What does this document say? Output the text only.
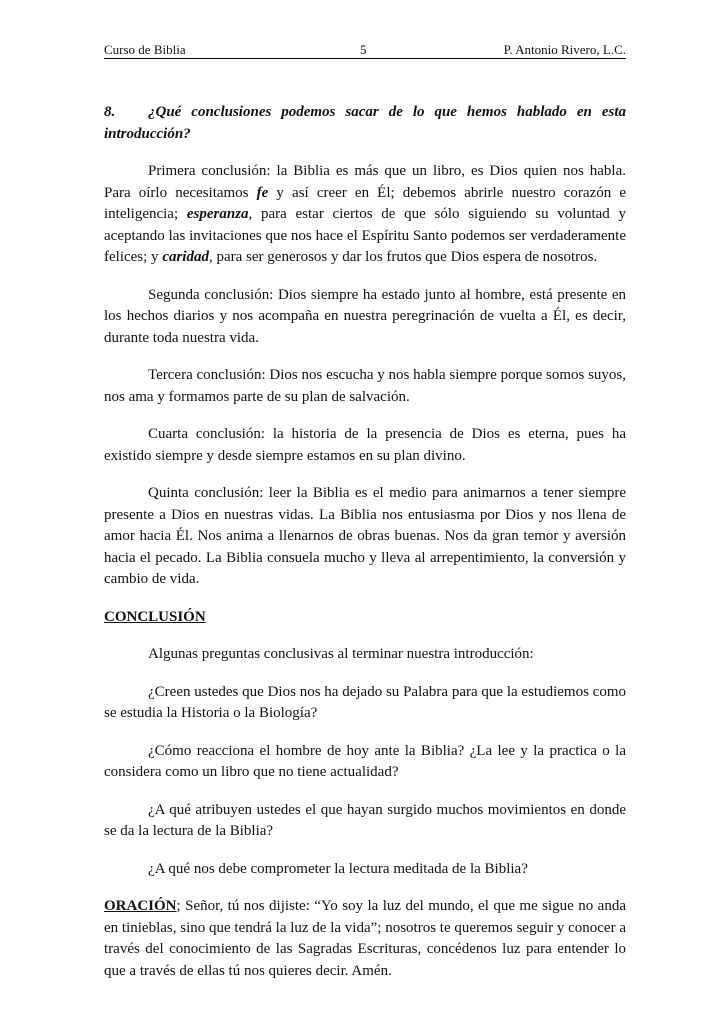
Curso de Biblia	5	P. Antonio Rivero, L.C.

8. ¿Qué conclusiones podemos sacar de lo que hemos hablado en esta introducción?

Primera conclusión: la Biblia es más que un libro, es Dios quien nos habla. Para oírlo necesitamos fe y así creer en Él; debemos abrirle nuestro corazón e inteligencia; esperanza, para estar ciertos de que sólo siguiendo su voluntad y aceptando las invitaciones que nos hace el Espíritu Santo podemos ser verdaderamente felices; y caridad, para ser generosos y dar los frutos que Dios espera de nosotros.

Segunda conclusión: Dios siempre ha estado junto al hombre, está presente en los hechos diarios y nos acompaña en nuestra peregrinación de vuelta a Él, es decir, durante toda nuestra vida.

Tercera conclusión: Dios nos escucha y nos habla siempre porque somos suyos, nos ama y formamos parte de su plan de salvación.

Cuarta conclusión: la historia de la presencia de Dios es eterna, pues ha existido siempre y desde siempre estamos en su plan divino.

Quinta conclusión: leer la Biblia es el medio para animarnos a tener siempre presente a Dios en nuestras vidas. La Biblia nos entusiasma por Dios y nos llena de amor hacia Él. Nos anima a llenarnos de obras buenas. Nos da gran temor y aversión hacia el pecado. La Biblia consuela mucho y lleva al arrepentimiento, la conversión y cambio de vida.

CONCLUSIÓN

Algunas preguntas conclusivas al terminar nuestra introducción:

¿Creen ustedes que Dios nos ha dejado su Palabra para que la estudiemos como se estudia la Historia o la Biología?

¿Cómo reacciona el hombre de hoy ante la Biblia? ¿La lee y la practica o la considera como un libro que no tiene actualidad?

¿A qué atribuyen ustedes el que hayan surgido muchos movimientos en donde se da la lectura de la Biblia?

¿A qué nos debe comprometer la lectura meditada de la Biblia?

ORACIÓN; Señor, tú nos dijiste: “Yo soy la luz del mundo, el que me sigue no anda en tinieblas, sino que tendrá la luz de la vida”; nosotros te queremos seguir y conocer a través del conocimiento de las Sagradas Escrituras, concédenos luz para entender lo que a través de ellas tú nos quieres decir. Amén.
